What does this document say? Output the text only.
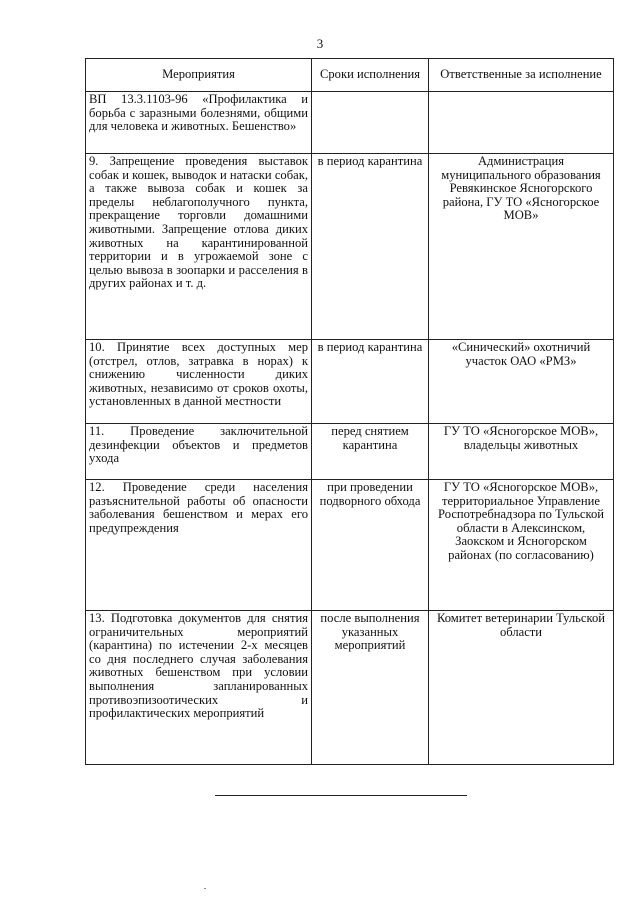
3
Мероприятия	Сроки исполнения	Ответственные за исполнение
ВП 13.3.1103-96 «Профилактика и борьба с заразными болезнями, общими для человека и животных. Бешенство»		
9. Запрещение проведения выставок собак и кошек, выводок и натаски собак, а также вывоза собак и кошек за пределы неблагополучного пункта, прекращение торговли домашними животными. Запрещение отлова диких животных на карантинированной территории и в угрожаемой зоне с целью вывоза в зоопарки и расселения в других районах и т. д.	в период карантина	Администрация муниципального образования Ревякинское Ясногорского района, ГУ ТО «Ясногорское МОВ»
10. Принятие всех доступных мер (отстрел, отлов, затравка в норах) к снижению численности диких животных, независимо от сроков охоты, установленных в данной местности	в период карантина	«Синический» охотничий участок ОАО «РМЗ»
11. Проведение заключительной дезинфекции объектов и предметов ухода	перед снятием карантина	ГУ ТО «Ясногорское МОВ», владельцы животных
12. Проведение среди населения разъяснительной работы об опасности заболевания бешенством и мерах его предупреждения	при проведении подворного обхода	ГУ ТО «Ясногорское МОВ», территориальное Управление Роспотребнадзора по Тульской области в Алексинском, Заокском и Ясногорском районах (по согласованию)
13. Подготовка документов для снятия ограничительных мероприятий (карантина) по истечении 2-х месяцев со дня последнего случая заболевания животных бешенством при условии выполнения запланированных противоэпизоотических и профилактических мероприятий	после выполнения указанных мероприятий	Комитет ветеринарии Тульской области
